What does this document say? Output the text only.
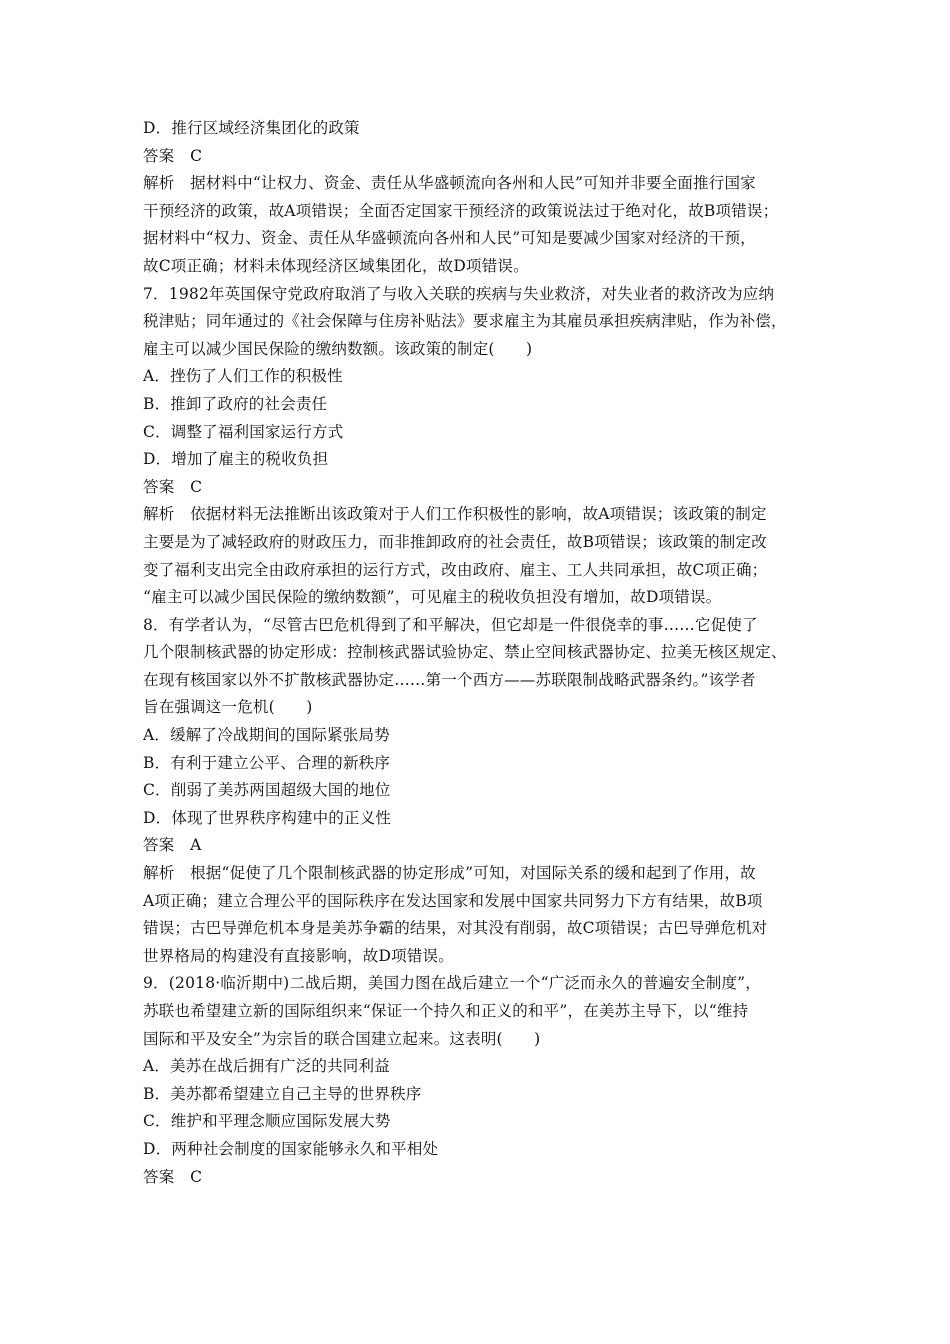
D．推行区域经济集团化的政策
答案　C
解析　据材料中“让权力、资金、责任从华盛顿流向各州和人民”可知并非要全面推行国家
干预经济的政策，故A项错误；全面否定国家干预经济的政策说法过于绝对化，故B项错误；
据材料中“权力、资金、责任从华盛顿流向各州和人民”可知是要减少国家对经济的干预，
故C项正确；材料未体现经济区域集团化，故D项错误。
7．1982年英国保守党政府取消了与收入关联的疾病与失业救济，对失业者的救济改为应纳
税津贴；同年通过的《社会保障与住房补贴法》要求雇主为其雇员承担疾病津贴，作为补偿，
雇主可以减少国民保险的缴纳数额。该政策的制定(　　)
A．挫伤了人们工作的积极性
B．推卸了政府的社会责任
C．调整了福利国家运行方式
D．增加了雇主的税收负担
答案　C
解析　依据材料无法推断出该政策对于人们工作积极性的影响，故A项错误；该政策的制定
主要是为了减轻政府的财政压力，而非推卸政府的社会责任，故B项错误；该政策的制定改
变了福利支出完全由政府承担的运行方式，改由政府、雇主、工人共同承担，故C项正确；
“雇主可以减少国民保险的缴纳数额”，可见雇主的税收负担没有增加，故D项错误。
8．有学者认为，“尽管古巴危机得到了和平解决，但它却是一件很侥幸的事……它促使了
几个限制核武器的协定形成：控制核武器试验协定、禁止空间核武器协定、拉美无核区规定、
在现有核国家以外不扩散核武器协定……第一个西方——苏联限制战略武器条约。”该学者
旨在强调这一危机(　　)
A．缓解了冷战期间的国际紧张局势
B．有利于建立公平、合理的新秩序
C．削弱了美苏两国超级大国的地位
D．体现了世界秩序构建中的正义性
答案　A
解析　根据“促使了几个限制核武器的协定形成”可知，对国际关系的缓和起到了作用，故
A项正确；建立合理公平的国际秩序在发达国家和发展中国家共同努力下方有结果，故B项
错误；古巴导弹危机本身是美苏争霸的结果，对其没有削弱，故C项错误；古巴导弹危机对
世界格局的构建没有直接影响，故D项错误。
9．(2018·临沂期中)二战后期，美国力图在战后建立一个“广泛而永久的普遍安全制度”，
苏联也希望建立新的国际组织来“保证一个持久和正义的和平”，在美苏主导下，以“维持
国际和平及安全”为宗旨的联合国建立起来。这表明(　　)
A．美苏在战后拥有广泛的共同利益
B．美苏都希望建立自己主导的世界秩序
C．维护和平理念顺应国际发展大势
D．两种社会制度的国家能够永久和平相处
答案　C
